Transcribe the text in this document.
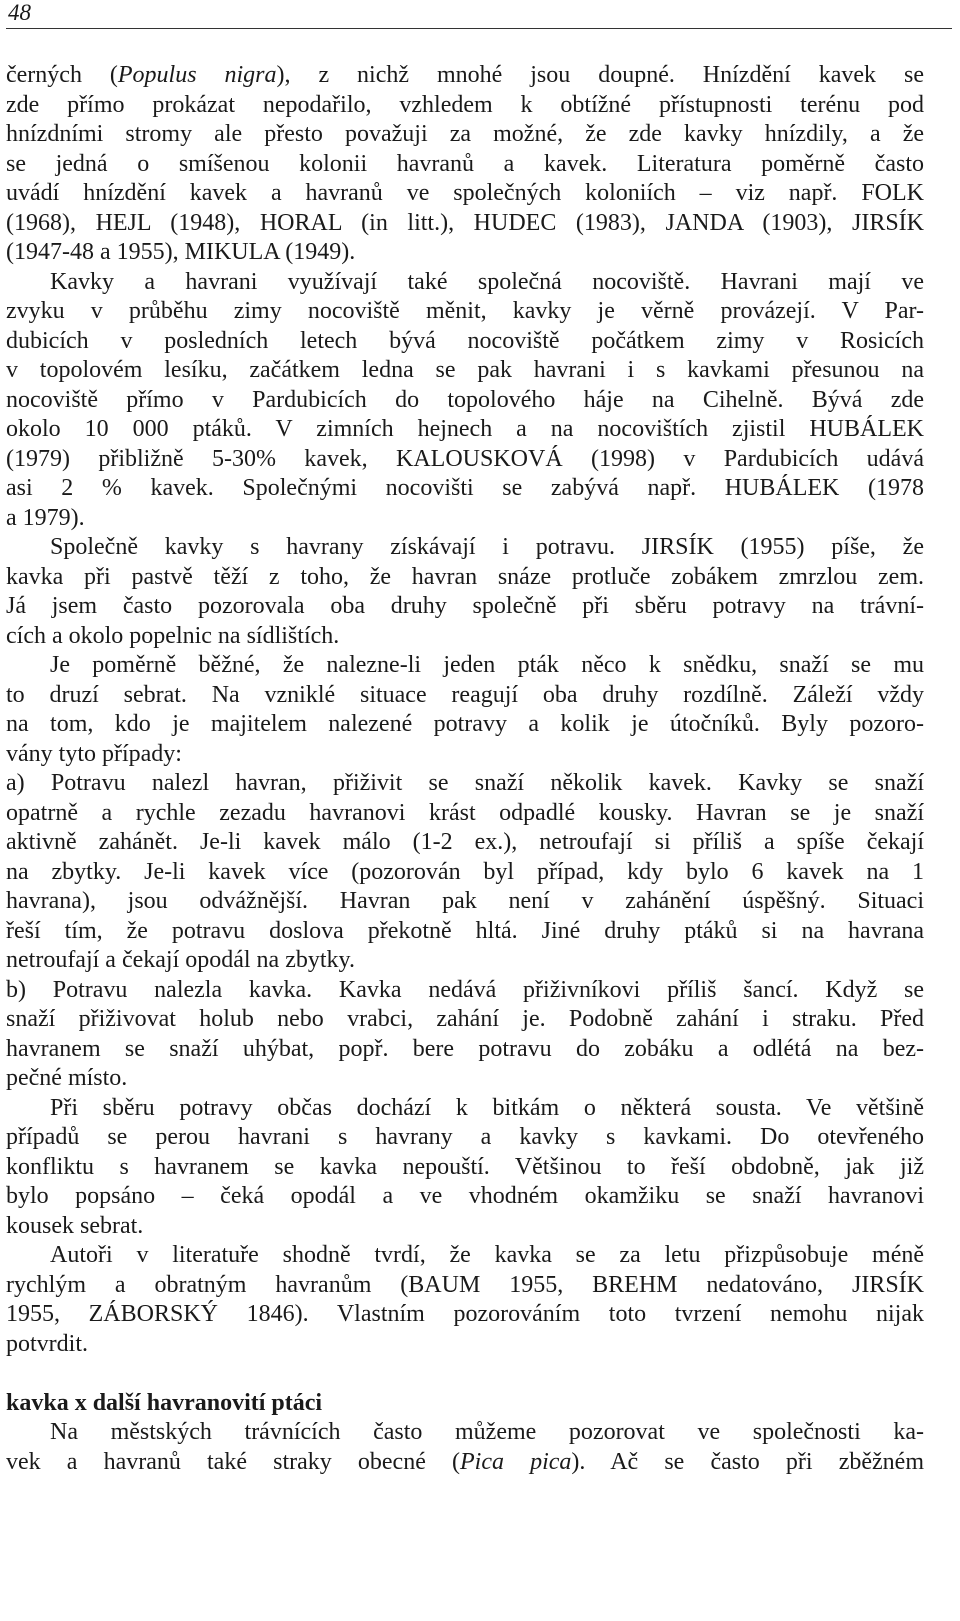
48
černých (Populus nigra), z nichž mnohé jsou doupné. Hnízdění kavek se
zde přímo prokázat nepodařilo, vzhledem k obtížné přístupnosti terénu pod
hnízdními stromy ale přesto považuji za možné, že zde kavky hnízdily, a že
se jedná o smíšenou kolonii havranů a kavek. Literatura poměrně často
uvádí hnízdění kavek a havranů ve společných koloniích – viz např. FOLK
(1968), HEJL (1948), HORAL (in litt.), HUDEC (1983), JANDA (1903), JIRSÍK
(1947-48 a 1955), MIKULA (1949).
Kavky a havrani využívají také společná nocoviště. Havrani mají ve
zvyku v průběhu zimy nocoviště měnit, kavky je věrně provázejí. V Par-
dubicích v posledních letech bývá nocoviště počátkem zimy v Rosicích
v topolovém lesíku, začátkem ledna se pak havrani i s kavkami přesunou na
nocoviště přímo v Pardubicích do topolového háje na Cihelně. Bývá zde
okolo 10 000 ptáků. V zimních hejnech a na nocovištích zjistil HUBÁLEK
(1979) přibližně 5-30% kavek, KALOUSKOVÁ (1998) v Pardubicích udává
asi 2 % kavek. Společnými nocovišti se zabývá např. HUBÁLEK (1978
a 1979).
Společně kavky s havrany získávají i potravu. JIRSÍK (1955) píše, že
kavka při pastvě těží z toho, že havran snáze protluče zobákem zmrzlou zem.
Já jsem často pozorovala oba druhy společně při sběru potravy na trávní-
cích a okolo popelnic na sídlištích.
Je poměrně běžné, že nalezne-li jeden pták něco k snědku, snaží se mu
to druzí sebrat. Na vzniklé situace reagují oba druhy rozdílně. Záleží vždy
na tom, kdo je majitelem nalezené potravy a kolik je útočníků. Byly pozoro-
vány tyto případy:
a) Potravu nalezl havran, přiživit se snaží několik kavek. Kavky se snaží
opatrně a rychle zezadu havranovi krást odpadlé kousky. Havran se je snaží
aktivně zahánět. Je-li kavek málo (1-2 ex.), netroufají si příliš a spíše čekají
na zbytky. Je-li kavek více (pozorován byl případ, kdy bylo 6 kavek na 1
havrana), jsou odvážnější. Havran pak není v zahánění úspěšný. Situaci
řeší tím, že potravu doslova překotně hltá. Jiné druhy ptáků si na havrana
netroufají a čekají opodál na zbytky.
b) Potravu nalezla kavka. Kavka nedává přiživníkovi příliš šancí. Když se
snaží přiživovat holub nebo vrabci, zahání je. Podobně zahání i straku. Před
havranem se snaží uhýbat, popř. bere potravu do zobáku a odlétá na bez-
pečné místo.
Při sběru potravy občas dochází k bitkám o některá sousta. Ve většině
případů se perou havrani s havrany a kavky s kavkami. Do otevřeného
konfliktu s havranem se kavka nepouští. Většinou to řeší obdobně, jak již
bylo popsáno – čeká opodál a ve vhodném okamžiku se snaží havranovi
kousek sebrat.
Autoři v literatuře shodně tvrdí, že kavka se za letu přizpůsobuje méně
rychlým a obratným havranům (BAUM 1955, BREHM nedatováno, JIRSÍK
1955, ZÁBORSKÝ 1846). Vlastním pozorováním toto tvrzení nemohu nijak
potvrdit.
kavka x další havranovití ptáci
Na městských trávnících často můžeme pozorovat ve společnosti ka-
vek a havranů také straky obecné (Pica pica). Ač se často při zběžném
